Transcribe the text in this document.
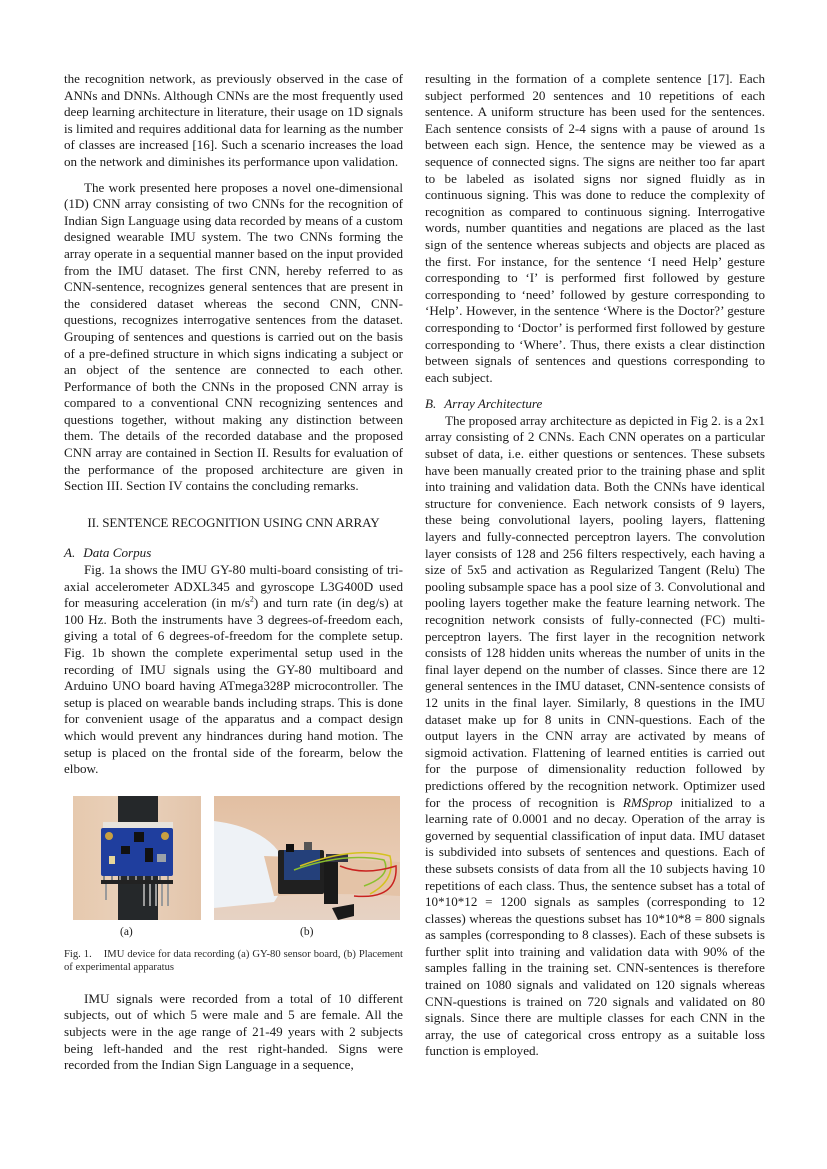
the recognition network, as previously observed in the case of ANNs and DNNs. Although CNNs are the most frequently used deep learning architecture in literature, their usage on 1D signals is limited and requires additional data for learning as the number of classes are increased [16]. Such a scenario increases the load on the network and diminishes its performance upon validation.

The work presented here proposes a novel one-dimensional (1D) CNN array consisting of two CNNs for the recognition of Indian Sign Language using data recorded by means of a custom designed wearable IMU system. The two CNNs forming the array operate in a sequential manner based on the input provided from the IMU dataset. The first CNN, hereby referred to as CNN-sentence, recognizes general sentences that are present in the considered dataset whereas the second CNN, CNN-questions, recognizes interrogative sentences from the dataset. Grouping of sentences and questions is carried out on the basis of a pre-defined structure in which signs indicating a subject or an object of the sentence are connected to each other. Performance of both the CNNs in the proposed CNN array is compared to a conventional CNN recognizing sentences and questions together, without making any distinction between them. The details of the recorded database and the proposed CNN array are contained in Section II. Results for evaluation of the performance of the proposed architecture are given in Section III. Section IV contains the concluding remarks.

II. SENTENCE RECOGNITION USING CNN ARRAY
A. Data Corpus

Fig. 1a shows the IMU GY-80 multi-board consisting of tri-axial accelerometer ADXL345 and gyroscope L3G400D used for measuring acceleration (in $m/s^2$) and turn rate (in deg/s) at 100 Hz. Both the instruments have 3 degrees-of-freedom each, giving a total of 6 degrees-of-freedom for the complete setup. Fig. 1b shown the complete experimental setup used in the recording of IMU signals using the GY-80 multiboard and Arduino UNO board having ATmega328P microcontroller. The setup is placed on wearable bands including straps. This is done for convenient usage of the apparatus and a compact design which would prevent any hindrances during hand motion. The setup is placed on the frontal side of the forearm, below the elbow.

(a)	(b)
Fig. 1. IMU device for data recording (a) GY-80 sensor board, (b) Placement of experimental apparatus

IMU signals were recorded from a total of 10 different subjects, out of which 5 were male and 5 are female. All the subjects were in the age range of 21-49 years with 2 subjects being left-handed and the rest right-handed. Signs were recorded from the Indian Sign Language in a sequence,

resulting in the formation of a complete sentence [17]. Each subject performed 20 sentences and 10 repetitions of each sentence. A uniform structure has been used for the sentences. Each sentence consists of 2-4 signs with a pause of around 1s between each sign. Hence, the sentence may be viewed as a sequence of connected signs. The signs are neither too far apart to be labeled as isolated signs nor signed fluidly as in continuous signing. This was done to reduce the complexity of recognition as compared to continuous signing. Interrogative words, number quantities and negations are placed as the last sign of the sentence whereas subjects and objects are placed as the first. For instance, for the sentence ‘I need Help’ gesture corresponding to ‘I’ is performed first followed by gesture corresponding to ‘need’ followed by gesture corresponding to ‘Help’. However, in the sentence ‘Where is the Doctor?’ gesture corresponding to ‘Doctor’ is performed first followed by gesture corresponding to ‘Where’. Thus, there exists a clear distinction between signals of sentences and questions corresponding to each subject.

B. Array Architecture

The proposed array architecture as depicted in Fig 2. is a 2x1 array consisting of 2 CNNs. Each CNN operates on a particular subset of data, i.e. either questions or sentences. These subsets have been manually created prior to the training phase and split into training and validation data. Both the CNNs have identical structure for convenience. Each network consists of 9 layers, these being convolutional layers, pooling layers, flattening layers and fully-connected perceptron layers. The convolution layer consists of 128 and 256 filters respectively, each having a size of 5x5 and activation as Regularized Tangent (Relu) The pooling subsample space has a pool size of 3. Convolutional and pooling layers together make the feature learning network. The recognition network consists of fully-connected (FC) multi-perceptron layers. The first layer in the recognition network consists of 128 hidden units whereas the number of units in the final layer depend on the number of classes. Since there are 12 general sentences in the IMU dataset, CNN-sentence consists of 12 units in the final layer. Similarly, 8 questions in the IMU dataset make up for 8 units in CNN-questions. Each of the output layers in the CNN array are activated by means of sigmoid activation. Flattening of learned entities is carried out for the purpose of dimensionality reduction followed by predictions offered by the recognition network. Optimizer used for the process of recognition is RMSprop initialized to a learning rate of 0.0001 and no decay. Operation of the array is governed by sequential classification of input data. IMU dataset is subdivided into subsets of sentences and questions. Each of these subsets consists of data from all the 10 subjects having 10 repetitions of each class. Thus, the sentence subset has a total of 10*10*12 = 1200 signals as samples (corresponding to 12 classes) whereas the questions subset has 10*10*8 = 800 signals as samples (corresponding to 8 classes). Each of these subsets is further split into training and validation data with 90% of the samples falling in the training set. CNN-sentences is therefore trained on 1080 signals and validated on 120 signals whereas CNN-questions is trained on 720 signals and validated on 80 signals. Since there are multiple classes for each CNN in the array, the use of categorical cross entropy as a suitable loss function is employed.
